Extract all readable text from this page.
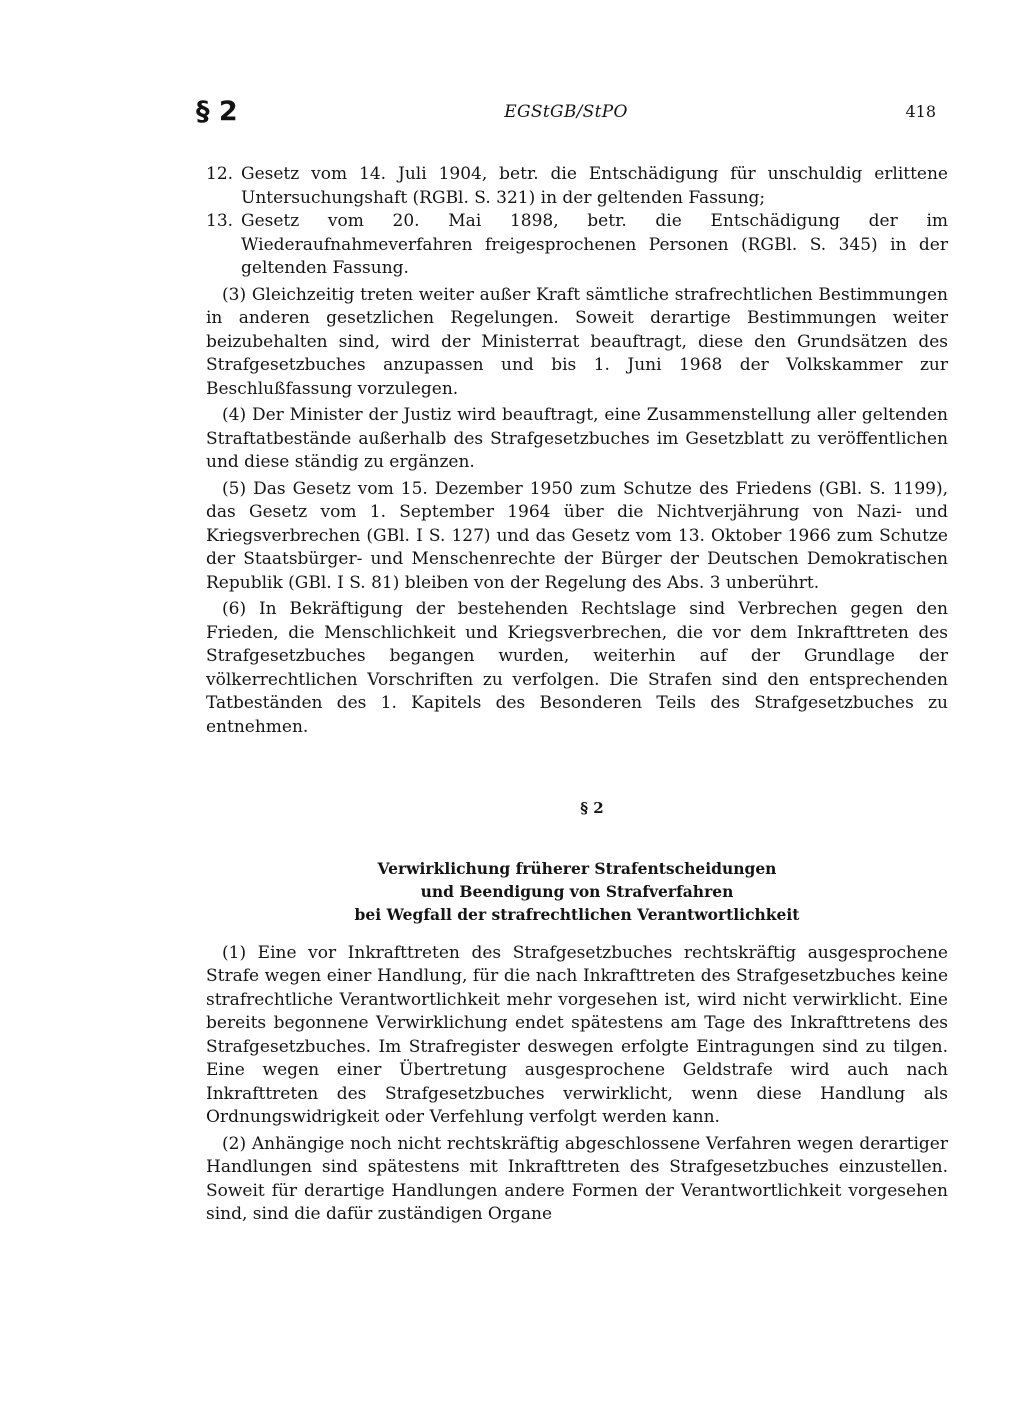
§ 2	EGStGB/StPO	418
12. Gesetz vom 14. Juli 1904, betr. die Entschädigung für unschuldig erlittene Untersuchungshaft (RGBl. S. 321) in der geltenden Fassung;
13. Gesetz vom 20. Mai 1898, betr. die Entschädigung der im Wiederaufnahmeverfahren freigesprochenen Personen (RGBl. S. 345) in der geltenden Fassung.

(3) Gleichzeitig treten weiter außer Kraft sämtliche strafrechtlichen Bestimmungen in anderen gesetzlichen Regelungen. Soweit derartige Bestimmungen weiter beizubehalten sind, wird der Ministerrat beauftragt, diese den Grundsätzen des Strafgesetzbuches anzupassen und bis 1. Juni 1968 der Volkskammer zur Beschlußfassung vorzulegen.

(4) Der Minister der Justiz wird beauftragt, eine Zusammenstellung aller geltenden Straftatbestände außerhalb des Strafgesetzbuches im Gesetzblatt zu veröffentlichen und diese ständig zu ergänzen.

(5) Das Gesetz vom 15. Dezember 1950 zum Schutze des Friedens (GBl. S. 1199), das Gesetz vom 1. September 1964 über die Nichtverjährung von Nazi- und Kriegsverbrechen (GBl. I S. 127) und das Gesetz vom 13. Oktober 1966 zum Schutze der Staatsbürger- und Menschenrechte der Bürger der Deutschen Demokratischen Republik (GBl. I S. 81) bleiben von der Regelung des Abs. 3 unberührt.

(6) In Bekräftigung der bestehenden Rechtslage sind Verbrechen gegen den Frieden, die Menschlichkeit und Kriegsverbrechen, die vor dem Inkrafttreten des Strafgesetzbuches begangen wurden, weiterhin auf der Grundlage der völkerrechtlichen Vorschriften zu verfolgen. Die Strafen sind den entsprechenden Tatbeständen des 1. Kapitels des Besonderen Teils des Strafgesetzbuches zu entnehmen.

§ 2
Verwirklichung früherer Strafentscheidungen
und Beendigung von Strafverfahren
bei Wegfall der strafrechtlichen Verantwortlichkeit

(1) Eine vor Inkrafttreten des Strafgesetzbuches rechtskräftig ausgesprochene Strafe wegen einer Handlung, für die nach Inkrafttreten des Strafgesetzbuches keine strafrechtliche Verantwortlichkeit mehr vorgesehen ist, wird nicht verwirklicht. Eine bereits begonnene Verwirklichung endet spätestens am Tage des Inkrafttretens des Strafgesetzbuches. Im Strafregister deswegen erfolgte Eintragungen sind zu tilgen. Eine wegen einer Übertretung ausgesprochene Geldstrafe wird auch nach Inkrafttreten des Strafgesetzbuches verwirklicht, wenn diese Handlung als Ordnungswidrigkeit oder Verfehlung verfolgt werden kann.

(2) Anhängige noch nicht rechtskräftig abgeschlossene Verfahren wegen derartiger Handlungen sind spätestens mit Inkrafttreten des Strafgesetzbuches einzustellen. Soweit für derartige Handlungen andere Formen der Verantwortlichkeit vorgesehen sind, sind die dafür zuständigen Organe
